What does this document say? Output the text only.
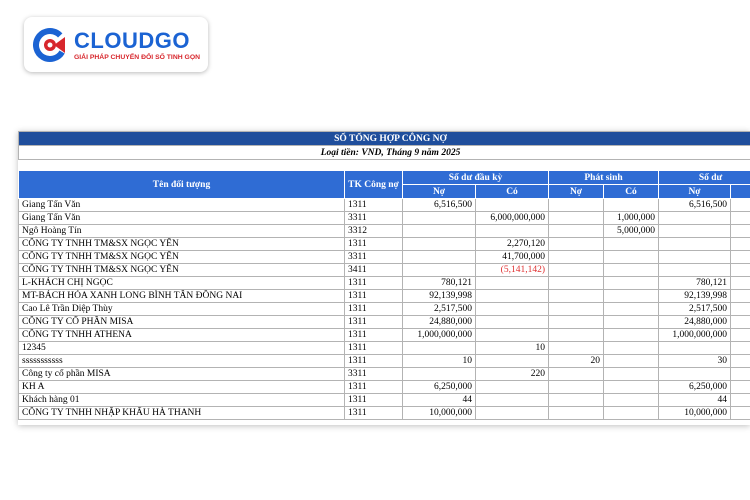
CLOUDGO
GIẢI PHÁP CHUYỂN ĐỔI SỐ TINH GỌN
SỔ TỔNG HỢP CÔNG NỢ							
Loại tiền: VND, Tháng 9 năm 2025							

Tên đối tượng	TK Công nợ	Số dư đầu kỳ		Phát sinh		Số dư	
		Nợ	Có	Nợ	Có	Nợ	
Giang Tấn Văn	1311	6,516,500				6,516,500	
Giang Tấn Văn	3311		6,000,000,000		1,000,000		
Ngô Hoàng Tín	3312				5,000,000		
CÔNG TY TNHH TM&SX NGỌC YẾN	1311		2,270,120				
CÔNG TY TNHH TM&SX NGỌC YẾN	3311		41,700,000				
CÔNG TY TNHH TM&SX NGỌC YẾN	3411		(5,141,142)				
L-KHÁCH CHỊ NGỌC	1311	780,121				780,121	
MT-BÁCH HÓA XANH LONG BÌNH TÂN ĐỒNG NAI	1311	92,139,998				92,139,998	
Cao Lê Trần Diệp Thùy	1311	2,517,500				2,517,500	
CÔNG TY CỔ PHẦN MISA	1311	24,880,000				24,880,000	
CÔNG TY TNHH ATHENA	1311	1,000,000,000				1,000,000,000	
12345	1311		10				
sssssssssss	1311	10		20		30	
Công ty cổ phần MISA	3311		220				
KH A	1311	6,250,000				6,250,000	
Khách hàng 01	1311	44				44	
CÔNG TY TNHH NHẬP KHẨU HÀ THANH	1311	10,000,000				10,000,000	
